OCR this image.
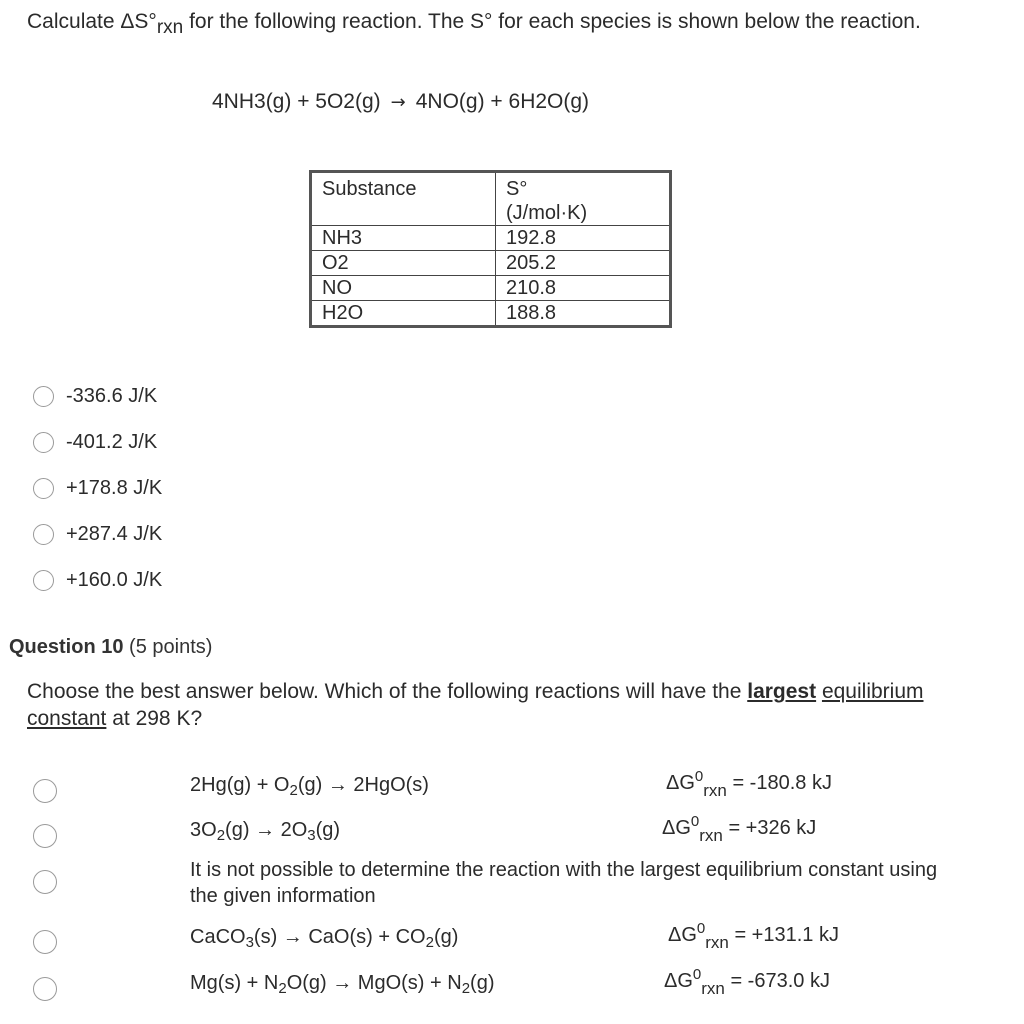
Calculate $\Delta S^\circ_{rxn}$ for the following reaction. The S° for each species is shown below the reaction.
4NH3(g) + 5O2(g) → 4NO(g) + 6H2O(g)
Substance	S°
(J/mol·K)

NH3	192.8
O2	205.2
NO	210.8
H2O	188.8
-336.6 J/K
-401.2 J/K
+178.8 J/K
+287.4 J/K
+160.0 J/K
Question 10 (5 points)
Choose the best answer below. Which of the following reactions will have the largest equilibrium constant at 298 K?
$2Hg(g) + O_2(g) \to 2HgO(s)$	$\Delta G^0_{rxn} = -180.8$ kJ
$3O_2(g) \to 2O_3(g)$	$\Delta G^0_{rxn} = +326$ kJ
It is not possible to determine the reaction with the largest equilibrium constant using the given information
CaCO$_3$(s) → $CaO(s) + CO_2(g)$	$\Delta G^0_{rxn} = +131.1$ kJ
$Mg(s) + N_2O(g) \to MgO(s) + N_2(g)$	$\Delta G^0_{rxn} = -673.0$ kJ
